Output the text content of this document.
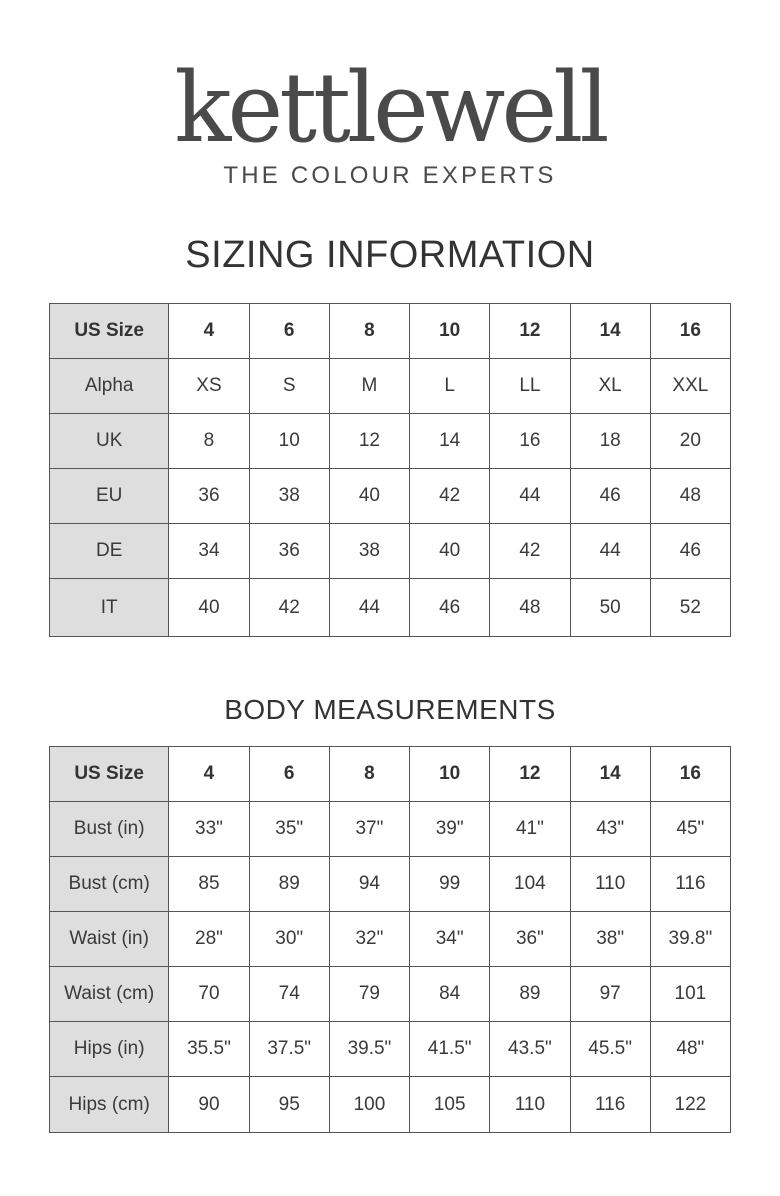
kettlewell
THE COLOUR EXPERTS
SIZING INFORMATION
US Size	4	6	8	10	12	14	16
Alpha	XS	S	M	L	LL	XL	XXL
UK	8	10	12	14	16	18	20
EU	36	38	40	42	44	46	48
DE	34	36	38	40	42	44	46
IT	40	42	44	46	48	50	52
BODY MEASUREMENTS
US Size	4	6	8	10	12	14	16
Bust (in)	33"	35"	37"	39"	41"	43"	45"
Bust (cm)	85	89	94	99	104	110	116
Waist (in)	28"	30"	32"	34"	36"	38"	39.8"
Waist (cm)	70	74	79	84	89	97	101
Hips (in)	35.5"	37.5"	39.5"	41.5"	43.5"	45.5"	48"
Hips (cm)	90	95	100	105	110	116	122
